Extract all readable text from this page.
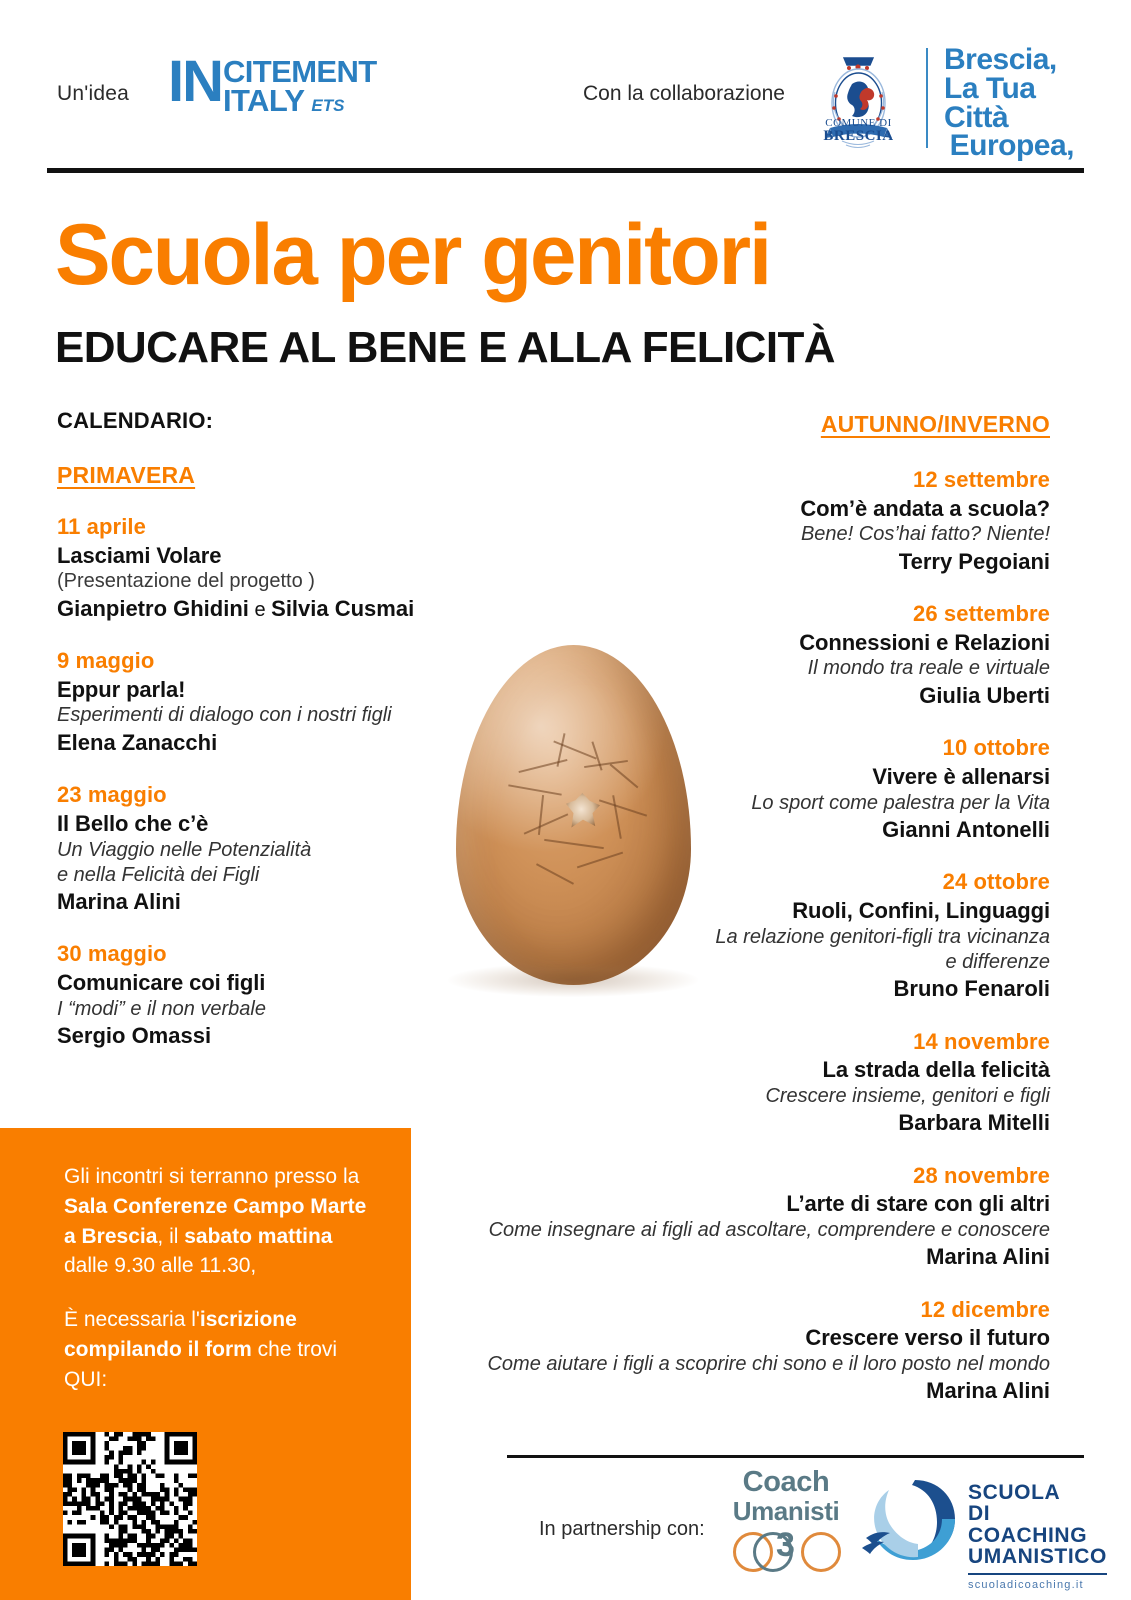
Un'idea IN CITEMENT
ITALY ETS
Con la collaborazione
COMUNE DI
BRESCIA
Brescia,
La Tua Città
Europea,
Scuola per genitori
EDUCARE AL BENE E ALLA FELICITÀ
CALENDARIO:
PRIMAVERA
AUTUNNO/INVERNO
11 aprile
Lasciami Volare
(Presentazione del progetto )
Gianpietro Ghidini e Silvia Cusmai
9 maggio
Eppur parla!
Esperimenti di dialogo con i nostri figli
Elena Zanacchi
23 maggio
Il Bello che c’è
Un Viaggio nelle Potenzialità
e nella Felicità dei Figli
Marina Alini
30 maggio
Comunicare coi figli
I “modi” e il non verbale
Sergio Omassi
12 settembre
Com’è andata a scuola?
Bene! Cos’hai fatto? Niente!
Terry Pegoiani
26 settembre
Connessioni e Relazioni
Il mondo tra reale e virtuale
Giulia Uberti
10 ottobre
Vivere è allenarsi
Lo sport come palestra per la Vita
Gianni Antonelli
24 ottobre
Ruoli, Confini, Linguaggi
La relazione genitori-figli tra vicinanza
e differenze
Bruno Fenaroli
14 novembre
La strada della felicità
Crescere insieme, genitori e figli
Barbara Mitelli
28 novembre
L’arte di stare con gli altri
Come insegnare ai figli ad ascoltare, comprendere e conoscere
Marina Alini
12 dicembre
Crescere verso il futuro
Come aiutare i figli a scoprire chi sono e il loro posto nel mondo
Marina Alini
Gli incontri si terranno presso la Sala Conferenze Campo Marte a Brescia, il sabato mattina dalle 9.30 alle 11.30,
È necessaria l'iscrizione compilando il form che trovi QUI:
In partnership con:
Coach
Umanisti
3
SCUOLA
DI COACHING
UMANISTICO
scuoladicoaching.it
